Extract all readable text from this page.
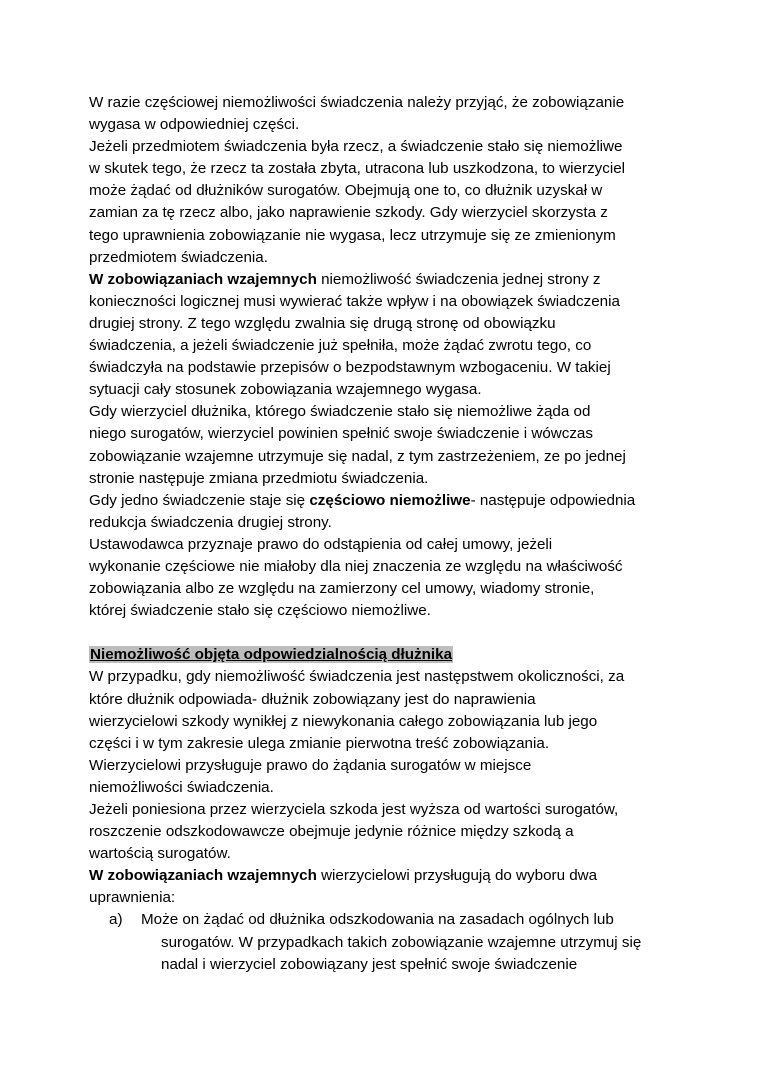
W razie częściowej niemożliwości świadczenia należy przyjąć, że zobowiązanie
wygasa w odpowiedniej części.
Jeżeli przedmiotem świadczenia była rzecz, a świadczenie stało się niemożliwe
w skutek tego, że rzecz ta została zbyta, utracona lub uszkodzona, to wierzyciel
może żądać od dłużników surogatów. Obejmują one to, co dłużnik uzyskał w
zamian za tę rzecz albo, jako naprawienie szkody. Gdy wierzyciel skorzysta z
tego uprawnienia zobowiązanie nie wygasa, lecz utrzymuje się ze zmienionym
przedmiotem świadczenia.
W zobowiązaniach wzajemnych niemożliwość świadczenia jednej strony z
konieczności logicznej musi wywierać także wpływ i na obowiązek świadczenia
drugiej strony. Z tego względu zwalnia się drugą stronę od obowiązku
świadczenia, a jeżeli świadczenie już spełniła, może żądać zwrotu tego, co
świadczyła na podstawie przepisów o bezpodstawnym wzbogaceniu. W takiej
sytuacji cały stosunek zobowiązania wzajemnego wygasa.
Gdy wierzyciel dłużnika, którego świadczenie stało się niemożliwe żąda od
niego surogatów, wierzyciel powinien spełnić swoje świadczenie i wówczas
zobowiązanie wzajemne utrzymuje się nadal, z tym zastrzeżeniem, ze po jednej
stronie następuje zmiana przedmiotu świadczenia.
Gdy jedno świadczenie staje się częściowo niemożliwe- następuje odpowiednia
redukcja świadczenia drugiej strony.
Ustawodawca przyznaje prawo do odstąpienia od całej umowy, jeżeli
wykonanie częściowe nie miałoby dla niej znaczenia ze względu na właściwość
zobowiązania albo ze względu na zamierzony cel umowy, wiadomy stronie,
której świadczenie stało się częściowo niemożliwe.
Niemożliwość objęta odpowiedzialnością dłużnika
W przypadku, gdy niemożliwość świadczenia jest następstwem okoliczności, za
które dłużnik odpowiada- dłużnik zobowiązany jest do naprawienia
wierzycielowi szkody wynikłej z niewykonania całego zobowiązania lub jego
części i w tym zakresie ulega zmianie pierwotna treść zobowiązania.
Wierzycielowi przysługuje prawo do żądania surogatów w miejsce
niemożliwości świadczenia.
Jeżeli poniesiona przez wierzyciela szkoda jest wyższa od wartości surogatów,
roszczenie odszkodowawcze obejmuje jedynie różnice między szkodą a
wartością surogatów.
W zobowiązaniach wzajemnych wierzycielowi przysługują do wyboru dwa
uprawnienia:
a) Może on żądać od dłużnika odszkodowania na zasadach ogólnych lub
surogatów. W przypadkach takich zobowiązanie wzajemne utrzymuj się
nadal i wierzyciel zobowiązany jest spełnić swoje świadczenie
